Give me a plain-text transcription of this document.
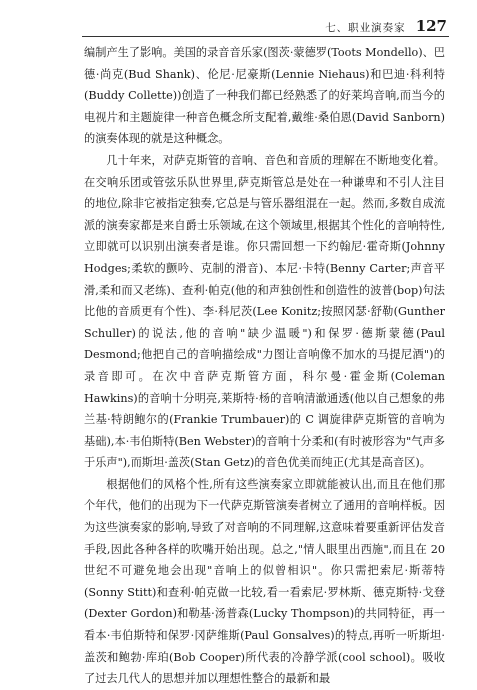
七、职业演奏家 127

编制产生了影响。美国的录音音乐家(图茨·蒙德罗(Toots Mondello)、巴德·尚克(Bud Shank)、伦尼·尼豪斯(Lennie Niehaus)和巴迪·科利特(Buddy Collette))创造了一种我们都已经熟悉了的好莱坞音响,而当今的电视片和主题旋律一种音色概念所支配着,戴维·桑伯恩(David Sanborn)的演奏体现的就是这种概念。

几十年来，对萨克斯管的音响、音色和音质的理解在不断地变化着。在交响乐团或管弦乐队世界里,萨克斯管总是处在一种谦卑和不引人注目的地位,除非它被指定独奏,它总是与管乐器组混在一起。然而,多数自成流派的演奏家都是来自爵士乐领域,在这个领域里,根据其个性化的音响特性,立即就可以识别出演奏者是谁。你只需回想一下约翰尼·霍奇斯(Johnny Hodges;柔软的颤吟、克制的滑音)、本尼·卡特(Benny Carter;声音平滑,柔和而又老练)、查利·帕克(他的和声独创性和创造性的波普(bop)句法比他的音质更有个性)、李·科尼茨(Lee Konitz;按照冈瑟·舒勒(Gunther Schuller)的说法,他的音响"缺少温暖")和保罗·德斯蒙德(Paul Desmond;他把自己的音响描绘成"力图让音响像不加水的马提尼酒")的录音即可。在次中音萨克斯管方面，科尔曼·霍金斯(Coleman Hawkins)的音响十分明亮,莱斯特·杨的音响清澈通透(他以自己想象的弗兰基·特朗鲍尔的(Frankie Trumbauer)的 C 调旋律萨克斯管的音响为基础),本·韦伯斯特(Ben Webster)的音响十分柔和(有时被形容为"气声多于乐声"),而斯坦·盖茨(Stan Getz)的音色优美而纯正(尤其是高音区)。

根据他们的风格个性,所有这些演奏家立即就能被认出,而且在他们那个年代，他们的出现为下一代萨克斯管演奏者树立了通用的音响样板。因为这些演奏家的影响,导致了对音响的不同理解,这意味着要重新评估发音手段,因此各种各样的吹嘴开始出现。总之,"情人眼里出西施",而且在 20 世纪不可避免地会出现"音响上的似曾相识"。你只需把索尼·斯蒂特(Sonny Stitt)和查利·帕克做一比较,看一看索尼·罗林斯、德克斯特·戈登(Dexter Gordon)和勒基·汤普森(Lucky Thompson)的共同特征，再一看本·韦伯斯特和保罗·冈萨维斯(Paul Gonsalves)的特点,再听一听斯坦·盖茨和鲍勃·库珀(Bob Cooper)所代表的冷静学派(cool school)。吸收了过去几代人的思想并加以理想性整合的最新和最
